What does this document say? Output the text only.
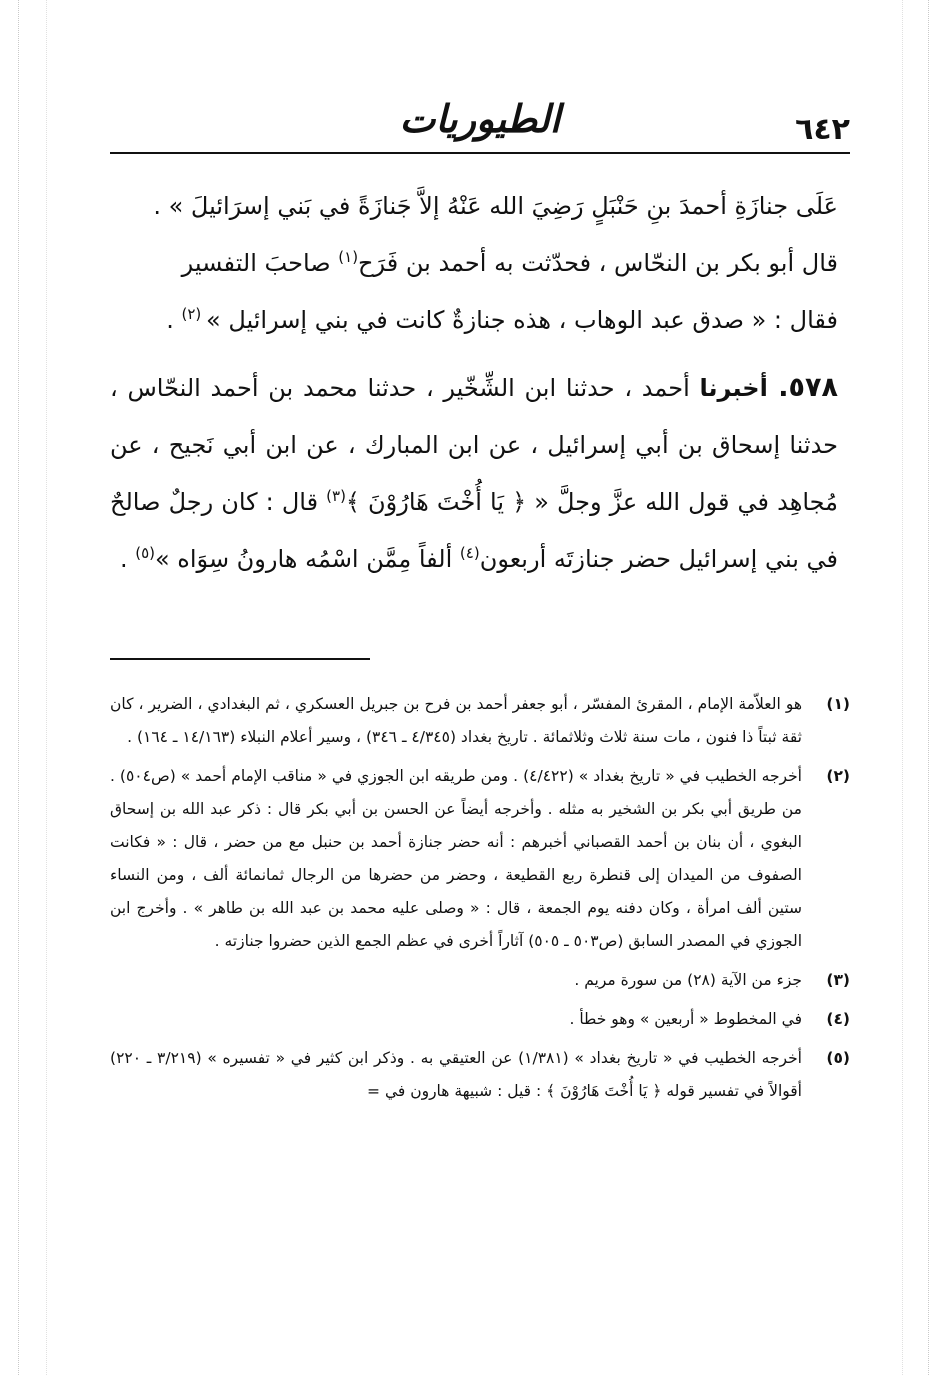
٦٤٢
الطيوريات

عَلَى جنازَةِ أحمدَ بنِ حَنْبَلٍ رَضِيَ الله عَنْهُ إلاَّ جَنازَةً في بَني إسرَائيلَ » .

قال أبو بكر بن النحّاس ، فحدّثت به أحمد بن فَرَح$^{(١)}$ صاحبَ التفسير

فقال : « صدق عبد الوهاب ، هذه جنازةٌ كانت في بني إسرائيل » $^{(٢)}$ .

٥٧٨. أخبرنا أحمد ، حدثنا ابن الشِّخّير ، حدثنا محمد بن أحمد النحّاس ، حدثنا إسحاق بن أبي إسرائيل ، عن ابن المبارك ، عن ابن أبي نَجيح ، عن مُجاهِد في قول الله عزَّ وجلَّ « ﴿ يَا أُخْتَ هَارُوْنَ ﴾$^{(٣)}$ قال : كان رجلٌ صالحٌ في بني إسرائيل حضر جنازتَه أربعون$^{(٤)}$ ألفاً مِمَّن اسْمُه هارونُ سِوَاه »$^{(٥)}$ .

(١)
هو العلاّمة الإمام ، المقرئ المفسّر ، أبو جعفر أحمد بن فرح بن جبريل العسكري ، ثم البغدادي ، الضرير ، كان ثقة ثبتاً ذا فنون ، مات سنة ثلاث وثلاثمائة . تاريخ بغداد (٤/٣٤٥ ـ ٣٤٦) ، وسير أعلام النبلاء (١٤/١٦٣ ـ ١٦٤) .
(٢)
أخرجه الخطيب في « تاريخ بغداد » (٤/٤٢٢) . ومن طريقه ابن الجوزي في « مناقب الإمام أحمد » (ص٥٠٤) . من طريق أبي بكر بن الشخير به مثله . وأخرجه أيضاً عن الحسن بن أبي بكر قال : ذكر عبد الله بن إسحاق البغوي ، أن بنان بن أحمد القصباني أخبرهم : أنه حضر جنازة أحمد بن حنبل مع من حضر ، قال : « فكانت الصفوف من الميدان إلى قنطرة ربع القطيعة ، وحضر من حضرها من الرجال ثمانمائة ألف ، ومن النساء ستين ألف امرأة ، وكان دفنه يوم الجمعة ، قال : « وصلى عليه محمد بن عبد الله بن طاهر » . وأخرج ابن الجوزي في المصدر السابق (ص٥٠٣ ـ ٥٠٥) آثاراً أخرى في عظم الجمع الذين حضروا جنازته .
(٣)
جزء من الآية (٢٨) من سورة مريم .
(٤)
في المخطوط « أربعين » وهو خطأ .
(٥)
أخرجه الخطيب في « تاريخ بغداد » (١/٣٨١) عن العتيقي به . وذكر ابن كثير في « تفسيره » (٣/٢١٩ ـ ٢٢٠) أقوالاً في تفسير قوله ﴿ يَا أُخْتَ هَارُوْنَ ﴾ : قيل : شبيهة هارون في =
